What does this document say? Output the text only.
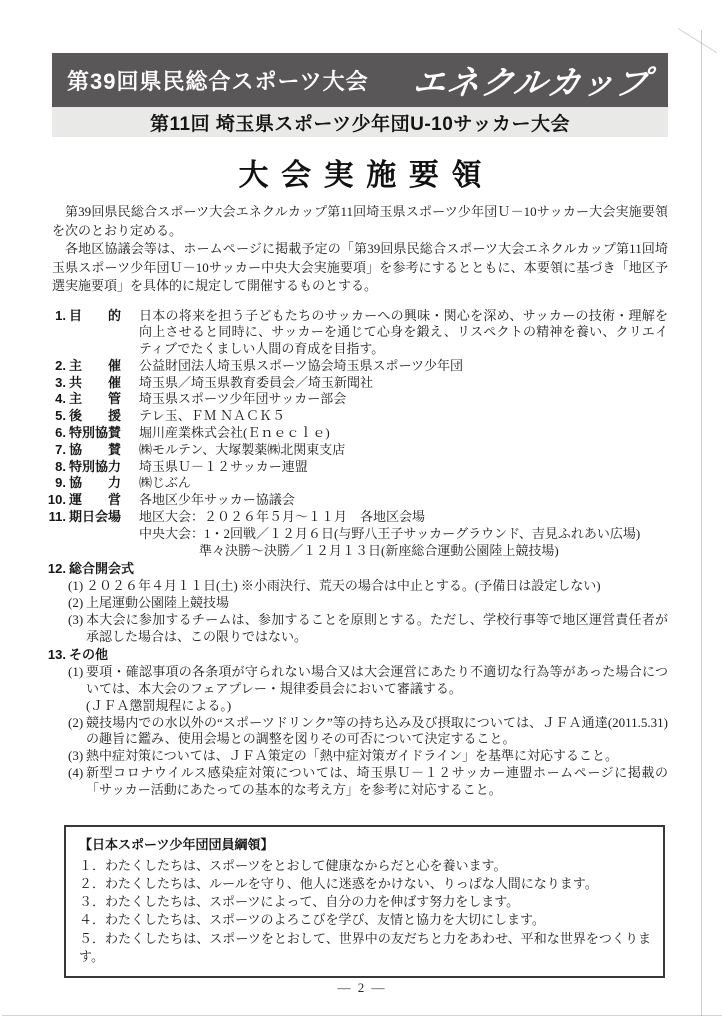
第39回県民総合スポーツ大会 エネクルカップ
第11回 埼玉県スポーツ少年団U-10サッカー大会
大会実施要領

第39回県民総合スポーツ大会エネクルカップ第11回埼玉県スポーツ少年団Ｕ－10サッカー大会実施要領を次のとおり定める。

各地区協議会等は、ホームページに掲載予定の「第39回県民総合スポーツ大会エネクルカップ第11回埼玉県スポーツ少年団Ｕ－10サッカー中央大会実施要項」を参考にするとともに、本要領に基づき「地区予選実施要項」を具体的に規定して開催するものとする。

1. 目　　的	日本の将来を担う子どもたちのサッカーへの興味・関心を深め、サッカーの技術・理解を向上させると同時に、サッカーを通じて心身を鍛え、リスペクトの精神を養い、クリエイティブでたくましい人間の育成を目指す。
2. 主　　催	公益財団法人埼玉県スポーツ協会埼玉県スポーツ少年団
3. 共　　催	埼玉県／埼玉県教育委員会／埼玉新聞社
4. 主　　管	埼玉県スポーツ少年団サッカー部会
5. 後　　援	テレ玉、ＦＭ ＮＡＣＫ５
6. 特別協賛	堀川産業株式会社(Ｅｎｅｃｌｅ)
7. 協　　賛	㈱モルテン、大塚製薬㈱北関東支店
8. 特別協力	埼玉県Ｕ－１２サッカー連盟
9. 協　　力	㈱じぶん
10. 運　　営	各地区少年サッカー協議会
11. 期日会場	地区大会：２０２６年５月～１１月　各地区会場
中央大会：1・2回戦／１２月６日(与野八王子サッカーグラウンド、吉見ふれあい広場)
準々決勝～決勝／１２月１３日(新座総合運動公園陸上競技場)
12. 総合開会式
(1) ２０２６年４月１１日(土) ※小雨決行、荒天の場合は中止とする。(予備日は設定しない)
(2) 上尾運動公園陸上競技場
(3) 本大会に参加するチームは、参加することを原則とする。ただし、学校行事等で地区運営責任者が承認した場合は、この限りではない。
13. その他
(1) 要項・確認事項の各条項が守られない場合又は大会運営にあたり不適切な行為等があった場合については、本大会のフェアプレー・規律委員会において審議する。
(ＪＦＡ懲罰規程による。)
(2) 競技場内での水以外の“スポーツドリンク”等の持ち込み及び摂取については、ＪＦＡ通達(2011.5.31)の趣旨に鑑み、使用会場との調整を図りその可否について決定すること。
(3) 熱中症対策については、ＪＦＡ策定の「熱中症対策ガイドライン」を基準に対応すること。
(4) 新型コロナウイルス感染症対策については、埼玉県Ｕ－１２サッカー連盟ホームページに掲載の「サッカー活動にあたっての基本的な考え方」を参考に対応すること。
【日本スポーツ少年団団員綱領】
１．わたくしたちは、スポーツをとおして健康なからだと心を養います。
２．わたくしたちは、ルールを守り、他人に迷惑をかけない、りっぱな人間になります。
３．わたくしたちは、スポーツによって、自分の力を伸ばす努力をします。
４．わたくしたちは、スポーツのよろこびを学び、友情と協力を大切にします。
５．わたくしたちは、スポーツをとおして、世界中の友だちと力をあわせ、平和な世界をつくります。
— 2 —
